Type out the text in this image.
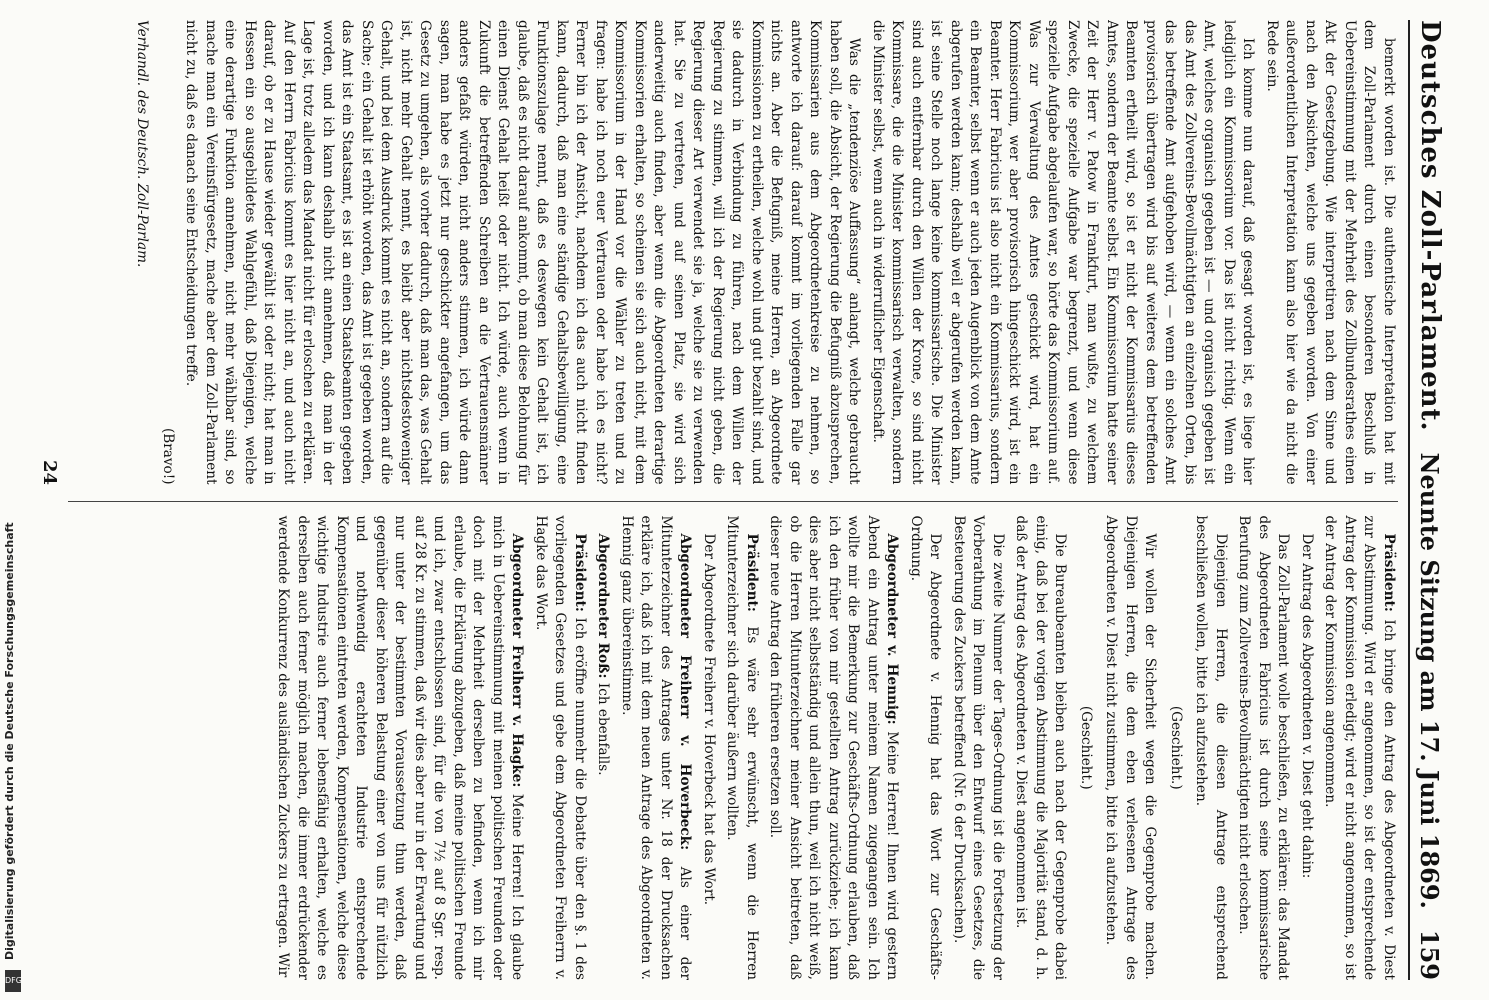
Deutsches Zoll-Parlament.
Neunte Sitzung am 17. Juni 1869.
159

bemerkt worden ist. Die authentische Interpretation hat mit dem Zoll-Parlament durch einen besonderen Beschluß in Uebereinstimmung mit der Mehrheit des Zollbundesrathes einen Akt der Gesetzgebung. Wie interpretiren nach dem Sinne und nach den Absichten, welche uns gegeben worden. Von einer außerordentlichen Interpretation kann also hier wie da nicht die Rede sein.

Ich komme nun darauf, daß gesagt worden ist, es liege hier lediglich ein Kommissorium vor. Das ist nicht richtig. Wenn ein Amt, welches organisch gegeben ist — und organisch gegeben ist das Amt des Zollvereins-Bevollmächtigten an einzelnen Orten, bis das betreffende Amt aufgehoben wird, — wenn ein solches Amt provisorisch übertragen wird bis auf weiteres dem betreffenden Beamten ertheilt wird, so ist er nicht der Kommissarius dieses Amtes, sondern der Beamte selbst. Ein Kommissorium hatte seiner Zeit der Herr v. Patow in Frankfurt, man wußte, zu welchem Zwecke, die spezielle Aufgabe war begrenzt, und wenn diese spezielle Aufgabe abgelaufen war, so hörte das Kommissorium auf. Was zur Verwaltung des Amtes geschickt wird, hat ein Kommissorium, wer aber provisorisch hingeschickt wird, ist ein Beamter. Herr Fabricius ist also nicht ein Kommissarius, sondern ein Beamter, selbst wenn er auch jeden Augenblick von dem Amte abgerufen werden kann; deshalb weil er abgerufen werden kann, ist seine Stelle noch lange keine kommissarische. Die Minister sind auch entfernbar durch den Willen der Krone, so sind nicht Kommissare, die die Minister kommissarisch verwalten, sondern die Minister selbst, wenn auch in widerruflicher Eigenschaft.

Was die „tendenziöse Auffassung“ anlangt, welche gebraucht haben soll, die Absicht, der Regierung die Befugniß abzusprechen, Kommissarien aus dem Abgeordnetenkreise zu nehmen, so antworte ich darauf: darauf kommt im vorliegenden Falle gar nichts an. Aber die Befugniß, meine Herren, an Abgeordnete Kommissionen zu ertheilen, welche wohl und gut bezahlt sind, und sie dadurch in Verbindung zu führen, nach dem Willen der Regierung zu stimmen, will ich der Regierung nicht geben, die Regierung dieser Art verwendet sie ja, welche sie zu verwenden hat. Sie zu vertreten, und auf seinen Platz, sie wird sich anderweitig auch finden, aber wenn die Abgeordneten derartige Kommissorien erhalten, so scheinen sie sich auch nicht, mit dem Kommissorium in der Hand vor die Wähler zu treten und zu fragen: habe ich noch euer Vertrauen oder habe ich es nicht? Ferner bin ich der Ansicht, nachdem ich das auch nicht finden kann, dadurch, daß man eine ständige Gehaltsbewilligung, eine Funktionszulage nennt, daß es deswegen kein Gehalt ist, ich glaube, daß es nicht darauf ankommt, ob man diese Belohnung für einen Dienst Gehalt heißt oder nicht. Ich würde, auch wenn in Zukunft die betreffenden Schreiben an die Vertrauensmänner anders gefaßt würden, nicht anders stimmen, ich würde dann sagen, man habe es jetzt nur geschickter angefangen, um das Gesetz zu umgehen, als vorher dadurch, daß man das, was Gehalt ist, nicht mehr Gehalt nennt, es bleibt aber nichtsdestoweniger Gehalt, und bei dem Ausdruck kommt es nicht an, sondern auf die Sache; ein Gehalt ist erhöht worden, das Amt ist gegeben worden, das Amt ist ein Staatsamt, es ist an einen Staatsbeamten gegeben worden, und ich kann deshalb nicht annehmen, daß man in der Lage ist, trotz alledem das Mandat nicht für erloschen zu erklären. Auf den Herrn Fabricius kommt es hier nicht an, und auch nicht darauf, ob er zu Hause wieder gewählt ist oder nicht; hat man in Hessen ein so ausgebildetes Wahlgefühl, daß Diejenigen, welche eine derartige Funktion annehmen, nicht mehr wählbar sind, so mache man ein Vereinsfürgesetz, mache aber dem Zoll-Parlament nicht zu, daß es danach seine Entscheidungen treffe.

(Bravo!)

Verhandl. des Deutsch. Zoll-Parlam.

Präsident: Ich bringe den Antrag des Abgeordneten v. Diest zur Abstimmung. Wird er angenommen, so ist der entsprechende Antrag der Kommission erledigt; wird er nicht angenommen, so ist der Antrag der Kommission angenommen.

Der Antrag des Abgeordneten v. Diest geht dahin:

Das Zoll-Parlament wolle beschließen, zu erklären: das Mandat des Abgeordneten Fabricius ist durch seine kommissarische Berufung zum Zollvereins-Bevollmächtigten nicht erloschen.

Diejenigen Herren, die diesen Antrage entsprechend beschließen wollen, bitte ich aufzustehen.

(Geschieht.)

Wir wollen der Sicherheit wegen die Gegenprobe machen. Diejenigen Herren, die dem eben verlesenen Antrage des Abgeordneten v. Diest nicht zustimmen, bitte ich aufzustehen.

(Geschieht.)

Die Bureaubeamten bleiben auch nach der Gegenprobe dabei einig, daß bei der vorigen Abstimmung die Majorität stand, d. h. daß der Antrag des Abgeordneten v. Diest angenommen ist.

Die zweite Nummer der Tages-Ordnung ist die Fortsetzung der Vorberathung im Plenum über den Entwurf eines Gesetzes, die Besteuerung des Zuckers betreffend (Nr. 6 der Drucksachen).

Der Abgeordnete v. Hennig hat das Wort zur Geschäfts-Ordnung.

Abgeordneter v. Hennig: Meine Herren! Ihnen wird gestern Abend ein Antrag unter meinem Namen zugegangen sein. Ich wollte mir die Bemerkung zur Geschäfts-Ordnung erlauben, daß ich den früher von mir gestellten Antrag zurückziehe; ich kann dies aber nicht selbstständig und allein thun, weil ich nicht weiß, ob die Herren Mitunterzeichner meiner Ansicht beitreten, daß dieser neue Antrag den früheren ersetzen soll.

Präsident: Es wäre sehr erwünscht, wenn die Herren Mitunterzeichner sich darüber äußern wollten.

Der Abgeordnete Freiherr v. Hoverbeck hat das Wort.

Abgeordneter Freiherr v. Hoverbeck: Als einer der Mitunterzeichner des Antrages unter Nr. 18 der Drucksachen erkläre ich, daß ich mit dem neuen Antrage des Abgeordneten v. Hennig ganz übereinstimme.

Abgeordneter Roß: Ich ebenfalls.

Präsident: Ich eröffne nunmehr die Debatte über den §. 1 des vorliegenden Gesetzes und gebe dem Abgeordneten Freiherrn v. Hagke das Wort.

Abgeordneter Freiherr v. Hagke: Meine Herren! Ich glaube mich in Uebereinstimmung mit meinen politischen Freunden oder doch mit der Mehrheit derselben zu befinden, wenn ich mir erlaube, die Erklärung abzugeben, daß meine politischen Freunde und ich, zwar entschlossen sind, für die von 7½ auf 8 Sgr. resp. auf 28 Kr. zu stimmen, daß wir dies aber nur in der Erwartung und nur unter der bestimmten Voraussetzung thun werden, daß gegenüber dieser höheren Belastung einer von uns für nützlich und nothwendig erachteten Industrie entsprechende Kompensationen eintreten werden, Kompensationen, welche diese wichtige Industrie auch ferner lebensfähig erhalten, welche es derselben auch ferner möglich machen, die immer erdrückender werdende Konkurrenz des ausländischen Zuckers zu ertragen. Wir

24
Digitalisierung gefördert durch die Deutsche Forschungsgemeinschaft
DFG
